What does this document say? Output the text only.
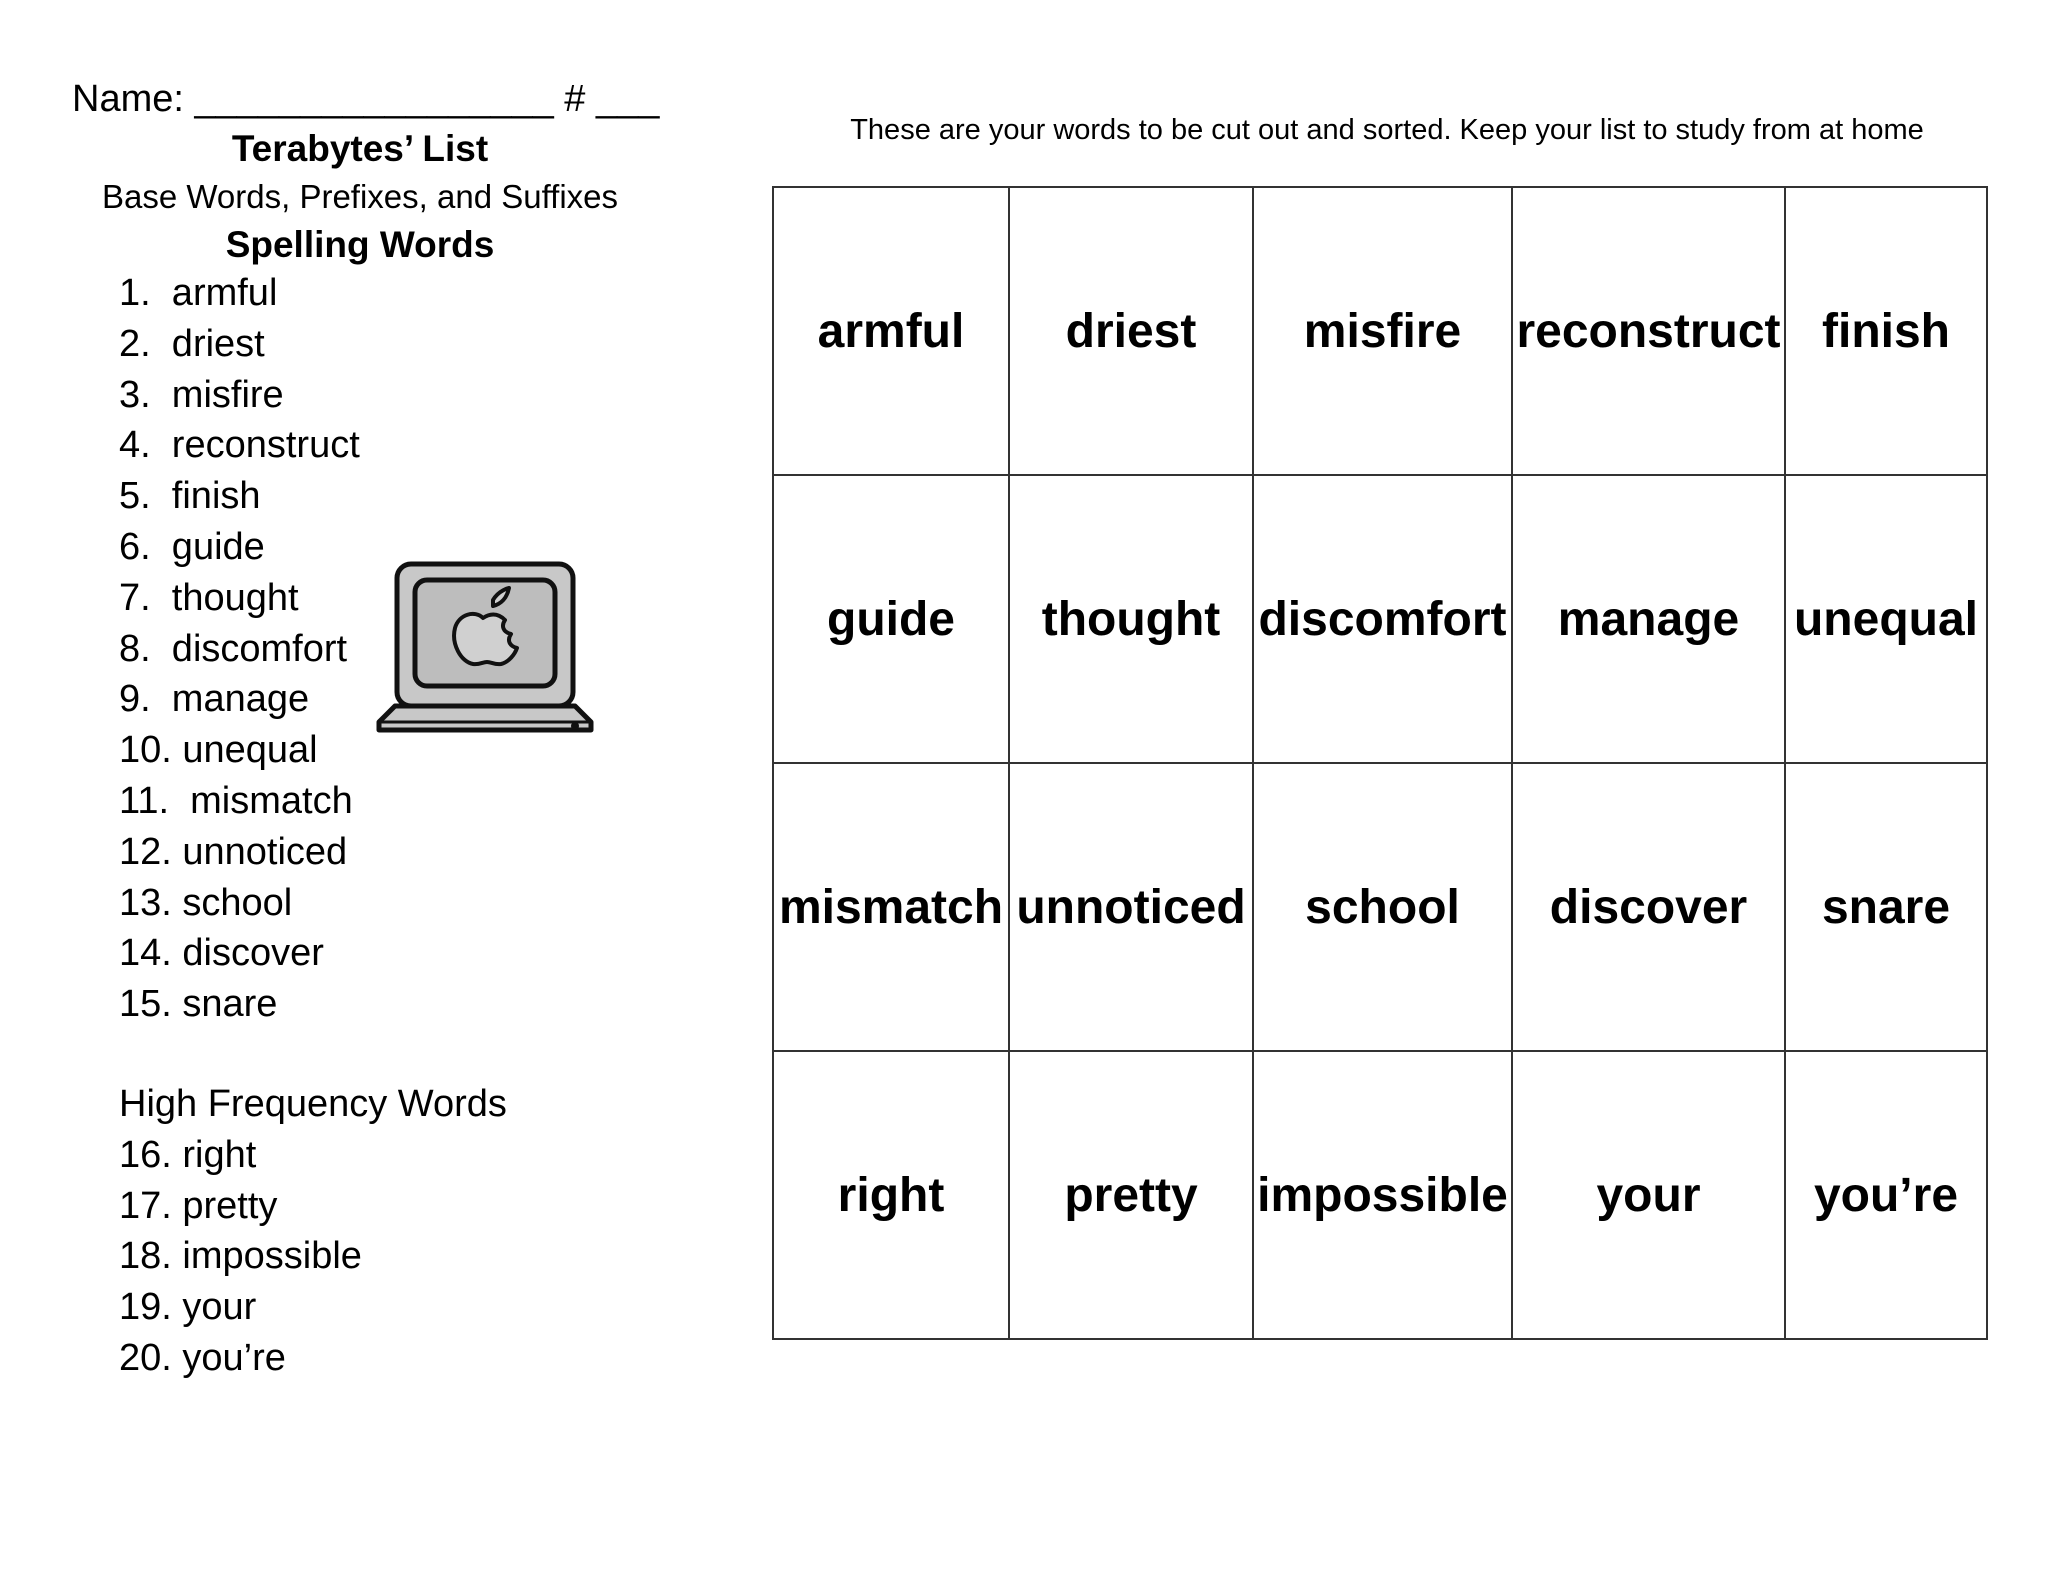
Name: _________________ # ___
Terabytes’ List
Base Words, Prefixes, and Suffixes
Spelling Words
1.  armful
2.  driest
3.  misfire
4.  reconstruct
5.  finish
6.  guide
7.  thought
8.  discomfort
9.  manage
10. unequal
11.  mismatch
12. unnoticed
13. school
14. discover
15. snare
High Frequency Words
16. right
17. pretty
18. impossible
19. your
20. you’re
These are your words to be cut out and sorted. Keep your list to study from at home
armful	driest	misfire	reconstruct	finish
guide	thought	discomfort	manage	unequal
mismatch	unnoticed	school	discover	snare
right	pretty	impossible	your	you’re
